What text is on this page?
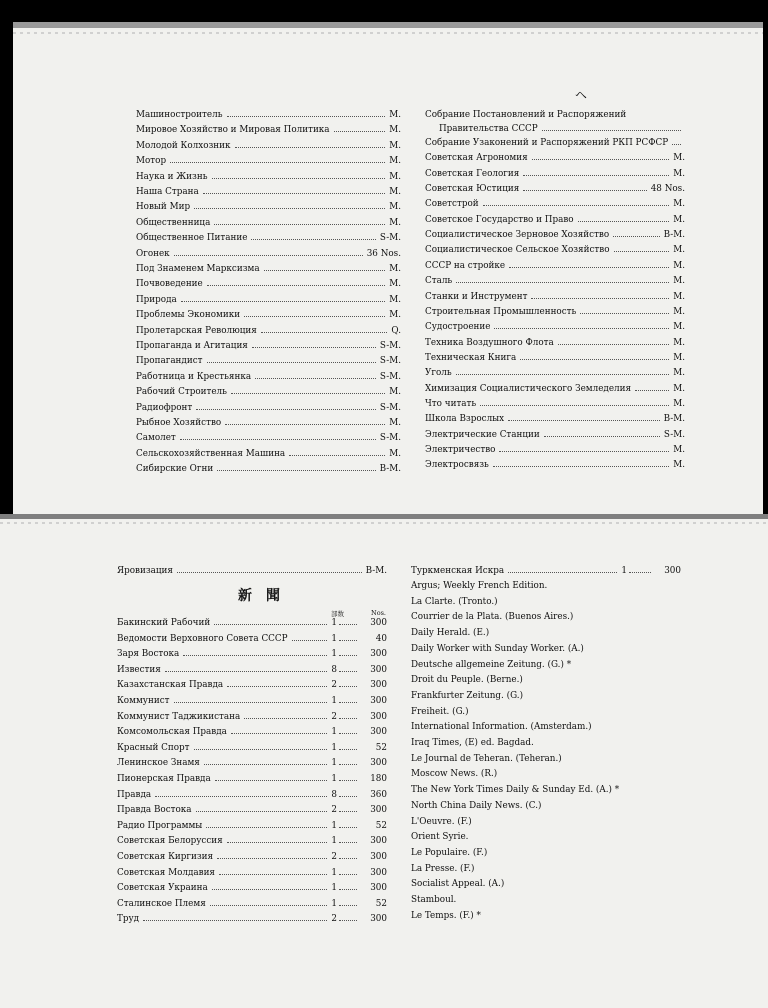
ヘ
Машиностроитель	M.
Мировое Хозяйство и Мировая Политика	M.
Молодой Колхозник	M.
Мотор	M.
Наука и Жизнь	M.
Наша Страна	M.
Новый Мир	M.
Общественница	M.
Общественное Питание	S-M.
Огонек	36 Nos.
Под Знаменем Марксизма	M.
Почвоведение	M.
Природа	M.
Проблемы Экономики	M.
Пролетарская Революция	Q.
Пропаганда и Агитация	S-M.
Пропагандист	S-M.
Работница и Крестьянка	S-M.
Рабочий Строитель	M.
Радиофронт	S-M.
Рыбное Хозяйство	M.
Самолет	S-M.
Сельскохозяйственная Машина	M.
Сибирские Огни	B-M.
Собрание Постановлений и Распоряжений
Правительства СССР
Собрание Узаконений и Распоряжений РКП РСФСР
Советская Агрономия	M.
Советская Геология	M.
Советская Юстиция	48 Nos.
Советстрой	M.
Советское Государство и Право	M.
Социалистическое Зерновое Хозяйство	B-M.
Социалистическое Сельское Хозяйство	M.
СССР на стройке	M.
Сталь	M.
Станки и Инструмент	M.
Строительная Промышленность	M.
Судостроение	M.
Техника Воздушного Флота	M.
Техническая Книга	M.
Уголь	M.
Химизация Социалистического Земледелия	M.
Что читать	M.
Школа Взрослых	B-M.
Электрические Станции	S-M.
Электричество	M.
Электросвязь	M.
Яровизация	B-M.
新聞
部数	Nos.
Бакинский Рабочий	1	300
Ведомости Верховного Совета СССР	1	40
Заря Востока	1	300
Известия	8	300
Казахстанская Правда	2	300
Коммунист	1	300
Коммунист Таджикистана	2	300
Комсомольская Правда	1	300
Красный Спорт	1	52
Ленинское Знамя	1	300
Пионерская Правда	1	180
Правда	8	360
Правда Востока	2	300
Радио Программы	1	52
Советская Белоруссия	1	300
Советская Киргизия	2	300
Советская Молдавия	1	300
Советская Украина	1	300
Сталинское Племя	1	52
Труд	2	300
Туркменская Искра	1	300
Argus; Weekly French Edition.
La Clarte. (Tronto.)
Courrier de la Plata. (Buenos Aires.)
Daily Herald. (E.)
Daily Worker with Sunday Worker. (A.)
Deutsche allgemeine Zeitung. (G.) *
Droit du Peuple. (Berne.)
Frankfurter Zeitung. (G.)
Freiheit. (G.)
International Information. (Amsterdam.)
Iraq Times, (E) ed. Bagdad.
Le Journal de Teheran. (Teheran.)
Moscow News. (R.)
The New York Times Daily & Sunday Ed. (A.) *
North China Daily News. (C.)
L'Oeuvre. (F.)
Orient Syrie.
Le Populaire. (F.)
La Presse. (F.)
Socialist Appeal. (A.)
Stamboul.
Le Temps. (F.) *
